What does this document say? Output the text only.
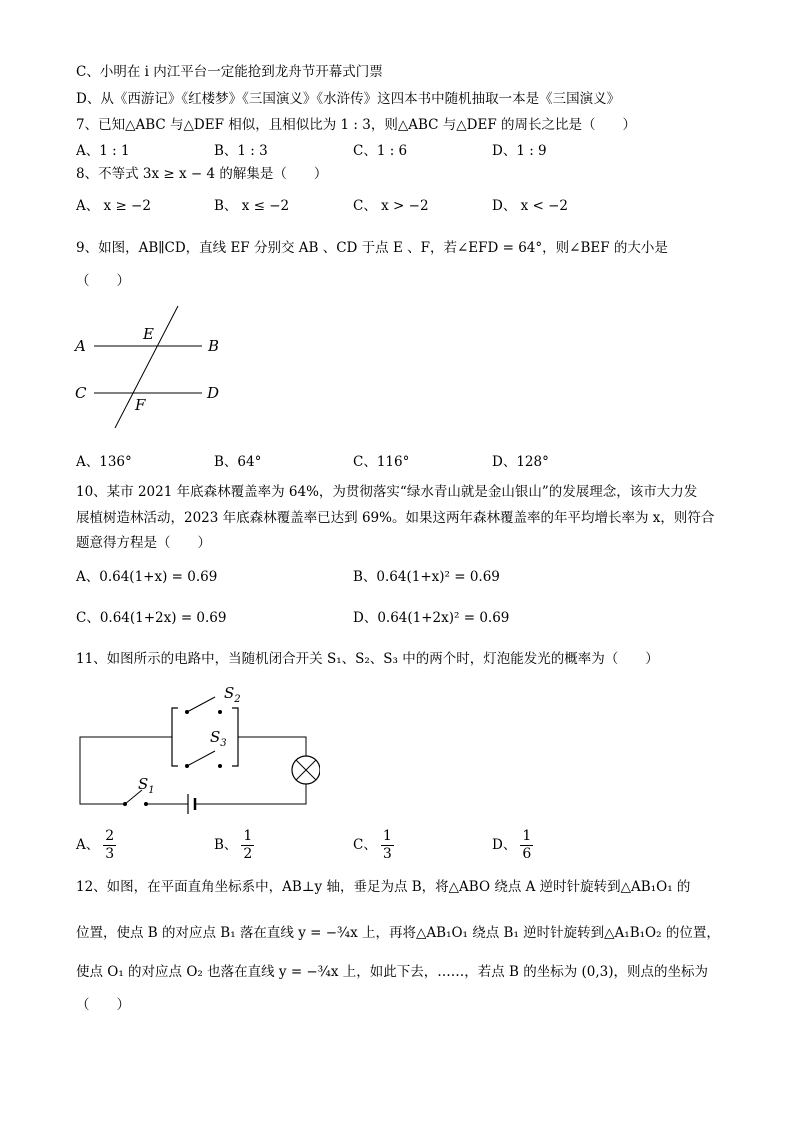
C、小明在 i 内江平台一定能抢到龙舟节开幕式门票
D、从《西游记》《红楼梦》《三国演义》《水浒传》这四本书中随机抽取一本是《三国演义》
7、已知△ABC 与△DEF 相似，且相似比为 1 : 3，则△ABC 与△DEF 的周长之比是（　　）
A、1 : 1	B、1 : 3	C、1 : 6	D、1 : 9
8、不等式 3x ≥ x − 4 的解集是（　　）
A、 x ≥ −2	B、 x ≤ −2	C、 x > −2	D、 x < −2
9、如图，AB∥CD，直线 EF 分别交 AB 、CD 于点 E 、F，若∠EFD = 64°，则∠BEF 的大小是
（　　）
A	B
C	D
E
F
A、136°	B、64°	C、116°	D、128°
10、某市 2021 年底森林覆盖率为 64%，为贯彻落实“绿水青山就是金山银山”的发展理念，该市大力发
展植树造林活动，2023 年底森林覆盖率已达到 69%。如果这两年森林覆盖率的年平均增长率为 x，则符合
题意得方程是（　　）
A、0.64(1+x) = 0.69	B、0.64(1+x)² = 0.69
C、0.64(1+2x) = 0.69	D、0.64(1+2x)² = 0.69
11、如图所示的电路中，当随机闭合开关 S₁、S₂、S₃ 中的两个时，灯泡能发光的概率为（　　）
$S_2$
$S_3$
$S_1$
A、 $\frac{2}{3}$	B、 $\frac{1}{2}$	C、 $\frac{1}{3}$	D、 $\frac{1}{6}$
12、如图，在平面直角坐标系中，AB⊥y 轴，垂足为点 B，将△ABO 绕点 A 逆时针旋转到△AB₁O₁ 的
位置，使点 B 的对应点 B₁ 落在直线 y = −¾x 上，再将△AB₁O₁ 绕点 B₁ 逆时针旋转到△A₁B₁O₂ 的位置，
使点 O₁ 的对应点 O₂ 也落在直线 y = −¾x 上，如此下去，……，若点 B 的坐标为 (0,3)，则点的坐标为
（　　）
